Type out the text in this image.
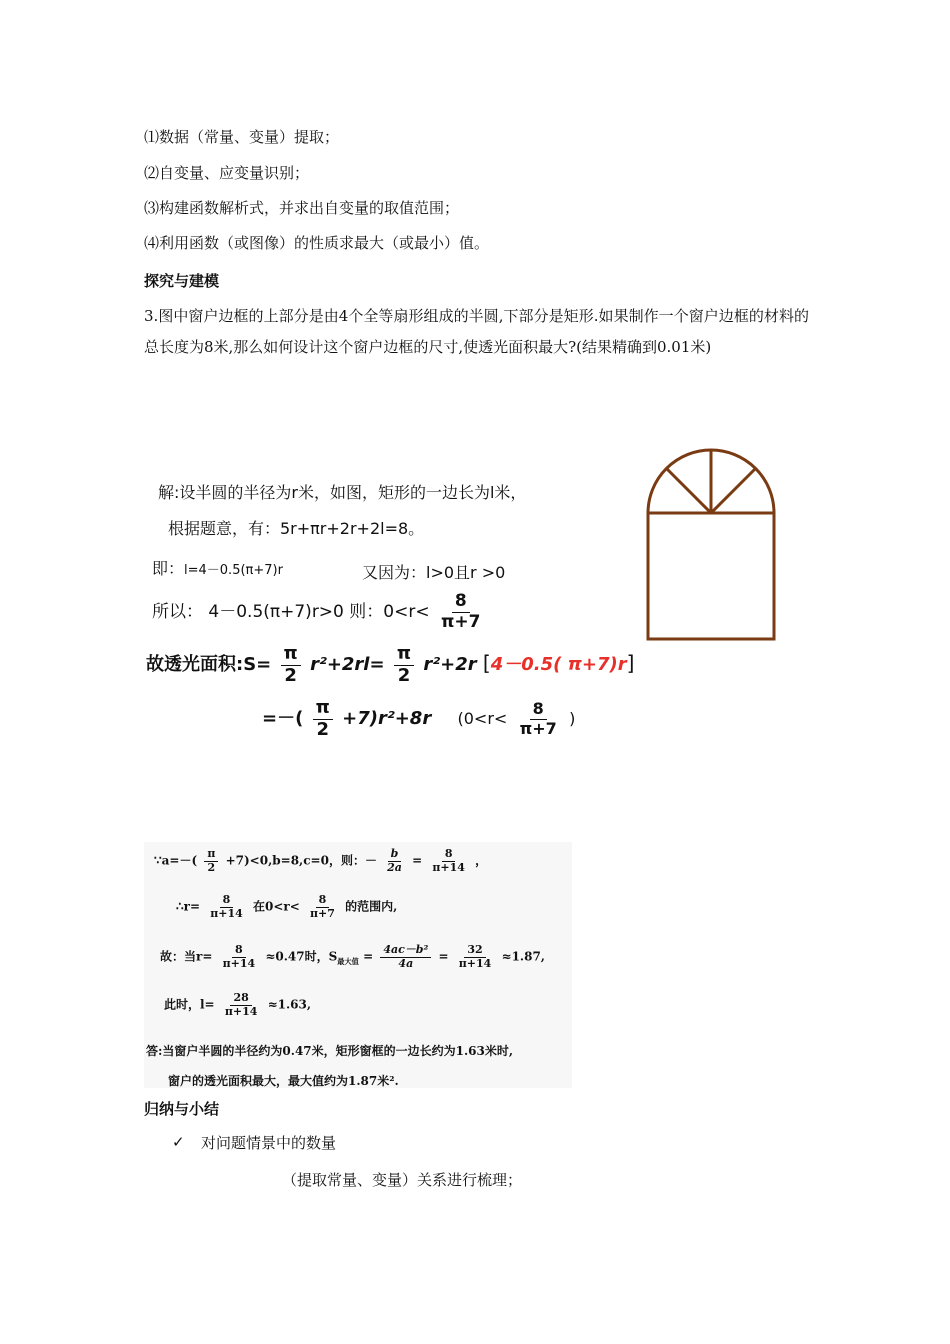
⑴数据（常量、变量）提取；
⑵自变量、应变量识别；
⑶构建函数解析式，并求出自变量的取值范围；
⑷利用函数（或图像）的性质求最大（或最小）值。
探究与建模
3.图中窗户边框的上部分是由4个全等扇形组成的半圆,下部分是矩形.如果制作一个窗户边框的材料的总长度为8米,那么如何设计这个窗户边框的尺寸,使透光面积最大?(结果精确到0.01米)
解:设半圆的半径为r米，如图，矩形的一边长为l米，
根据题意，有：5r+πr+2r+2l=8。
即：l=4－0.5(π+7)r	又因为：l>0且r >0
所以： 4－0.5(π+7)r>0 则：$0<r< \frac{8}{\pi+7}$
故透光面积:S= $\frac{\pi}{2} r^2+2rl= \frac{\pi}{2} r^2+2r$ [4－0.5( π+7)r]
=－( $\frac{\pi}{2} +7)r^2+8r$ ($0<r< \frac{8}{\pi+7}$ )
∵a=－( $\frac{\pi}{2} +7)<0,b=8,c=0$，则：－ $\frac{b}{2a} = \frac{8}{\pi+14}$ ，
∴r= $\frac{8}{\pi+14}$ 在$0<r< \frac{8}{\pi+7}$ 的范围内,
故：当$r= \frac{8}{\pi+14} \approx 0.47$时，$S_{最大值} = \frac{\text{4ac－b²}}{4a} = \frac{32}{\pi+14} \approx 1.87$,
此时，$l= \frac{28}{\pi+14} \approx 1.63$,
答:当窗户半圆的半径约为0.47米，矩形窗框的一边长约为1.63米时,
窗户的透光面积最大，最大值约为1.87米².
归纳与小结
✓ 对问题情景中的数量
（提取常量、变量）关系进行梳理；
